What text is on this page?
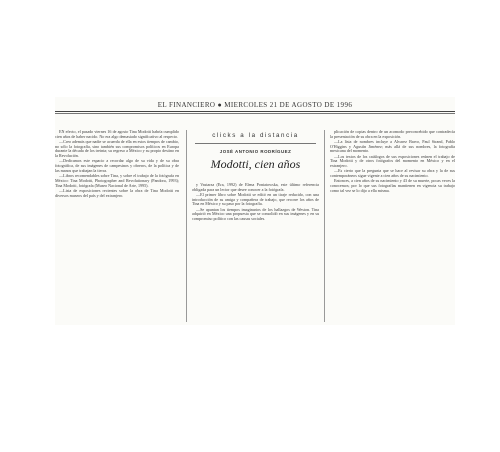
EL FINANCIERO ● MIERCOLES 21 DE AGOSTO DE 1996

EN efecto, el pasado viernes 16 de agosto Tina Modotti habría cumplido cien años de haber nacido. No era algo demasiado significativo al respecto.

—Creo además que nadie se acuerda de ella en estos tiempos de cambio, no sólo la fotografía, sino también sus compromisos políticos en Europa durante la década de los treinta; su regreso a México y su propio destino en la Revolución.

—Dedicamos este espacio a recordar algo de su vida y de su obra fotográfica, de sus imágenes de campesinos y obreros, de la política y de las manos que trabajan la tierra.

—Libros recomendables sobre Tina, y sobre el trabajo de la fotógrafa en México: Tina Modotti, Photographer and Revolutionary (Pandora, 1993); Tina Modotti, fotógrafa (Museo Nacional de Arte, 1995).

—Lista de exposiciones recientes sobre la obra de Tina Modotti en diversos museos del país y del extranjero.

clicks a la distancia
JOSÉ ANTONIO RODRÍGUEZ
Modotti, cien años

y Vastarza (Era, 1992) de Elena Poniatowska, este último referencia obligada para un lector que desee conocer a la fotógrafa.

—El primer libro sobre Modotti se editó en un tiraje reducido, con una introducción de su amiga y compañera de trabajo, que recorre los años de Tina en México y su paso por la fotografía.

—Se apuntan los tiempos imaginarios de los hallazgos de Weston. Tina adquirió en México una propuesta que se consolidó en sus imágenes y en su compromiso político con las causas sociales.

plicación de copias dentro de un acomodo preconcebido que contradecía la presentación de su obra en la exposición.

—La lista de nombres incluye a Alvarez Bravo, Paul Strand, Pablo O'Higgins y Agustín Jiménez; más allá de sus nombres, la fotografía mexicana del momento.

—Los textos de los catálogos de sus exposiciones reúnen el trabajo de Tina Modotti y de otros fotógrafos del momento en México y en el extranjero.

—Es cierto que la pregunta que se hace al revisar su obra y la de sus contemporáneos sigue vigente a cien años de su nacimiento.

Entonces, a cien años de su nacimiento y 43 de su muerte, pocas veces la conocemos; por lo que sus fotografías mantienen en vigencia su trabajo como tal vez se lo dijo a ella misma.
